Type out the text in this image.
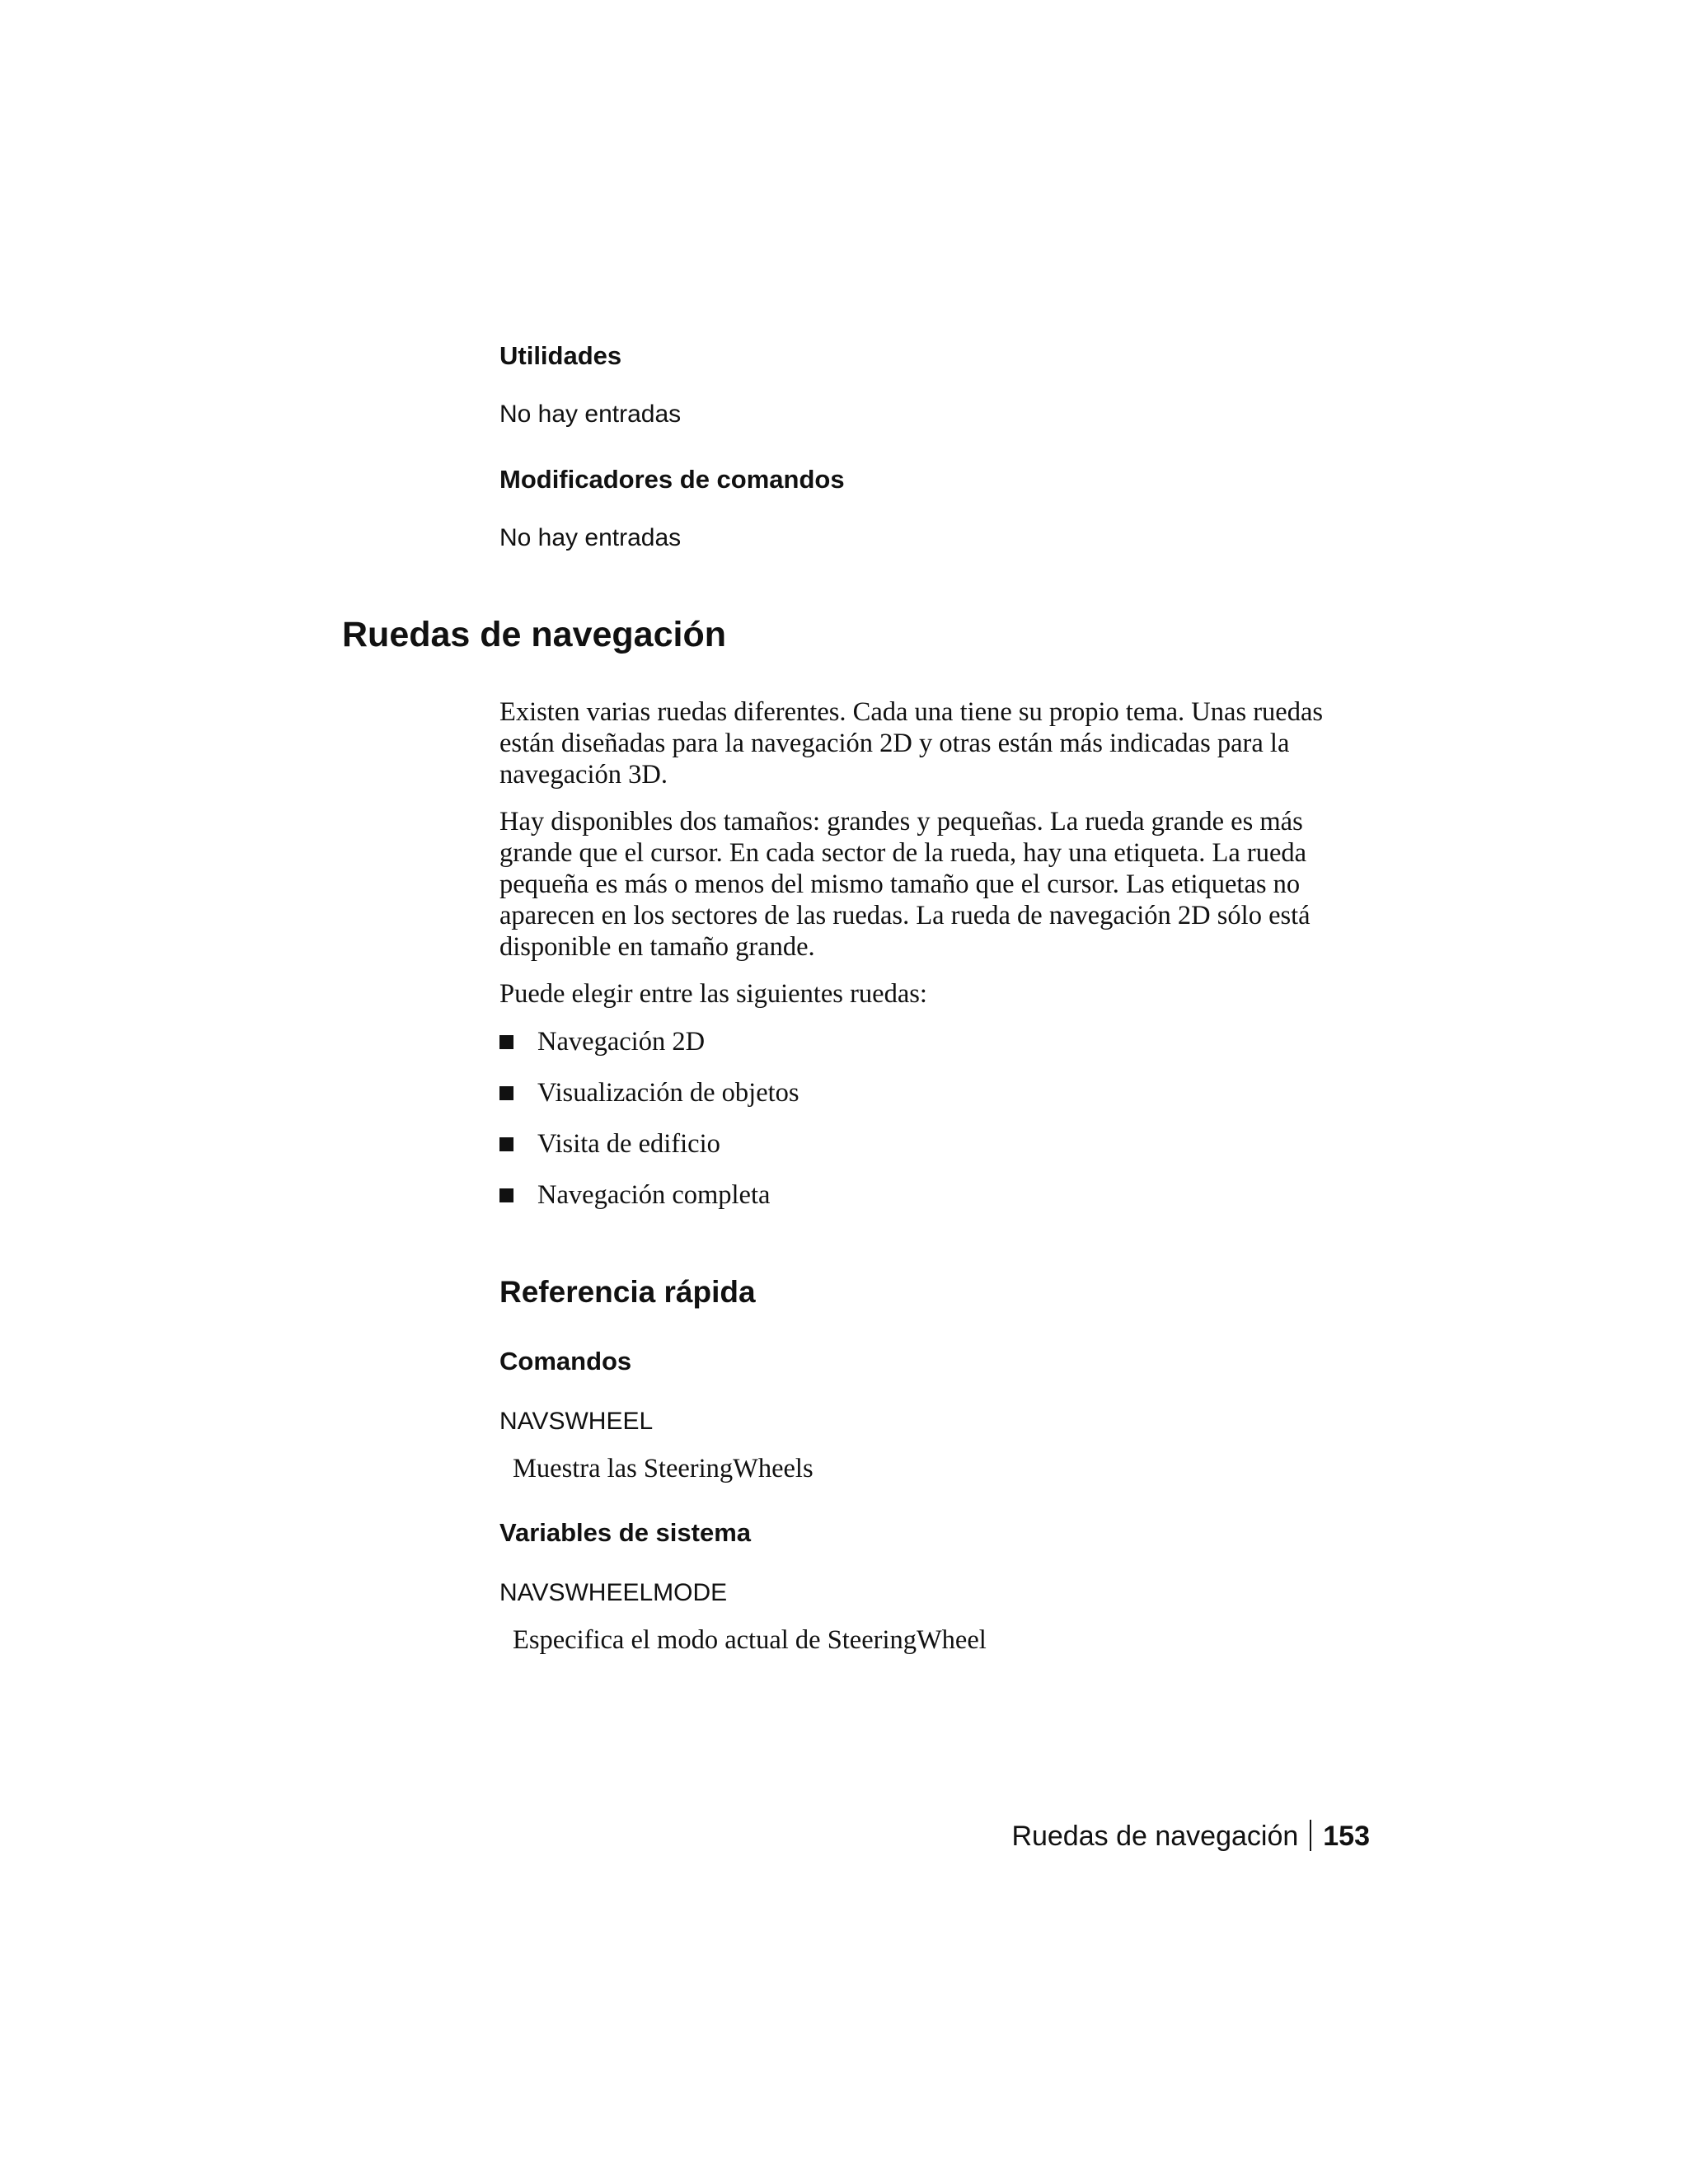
Utilidades

No hay entradas

Modificadores de comandos

No hay entradas

Ruedas de navegación

Existen varias ruedas diferentes. Cada una tiene su propio tema. Unas ruedas están diseñadas para la navegación 2D y otras están más indicadas para la navegación 3D.

Hay disponibles dos tamaños: grandes y pequeñas. La rueda grande es más grande que el cursor. En cada sector de la rueda, hay una etiqueta. La rueda pequeña es más o menos del mismo tamaño que el cursor. Las etiquetas no aparecen en los sectores de las ruedas. La rueda de navegación 2D sólo está disponible en tamaño grande.

Puede elegir entre las siguientes ruedas:

Navegación 2D
Visualización de objetos
Visita de edificio
Navegación completa
Referencia rápida
Comandos

NAVSWHEEL

Muestra las SteeringWheels

Variables de sistema

NAVSWHEELMODE

Especifica el modo actual de SteeringWheel

Ruedas de navegación 153
